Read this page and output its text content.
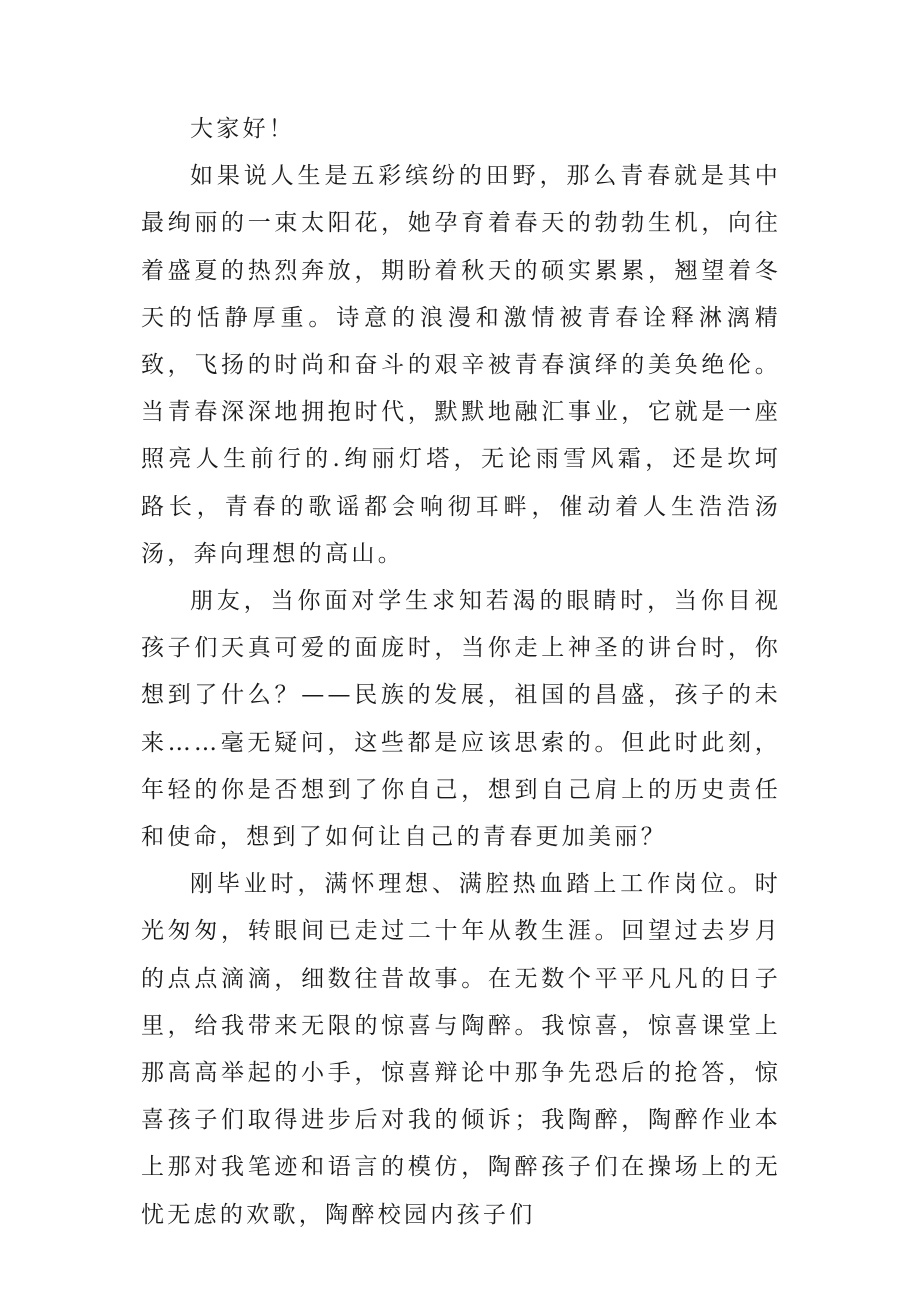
大家好！

如果说人生是五彩缤纷的田野，那么青春就是其中最绚丽的一束太阳花，她孕育着春天的勃勃生机，向往着盛夏的热烈奔放，期盼着秋天的硕实累累，翘望着冬天的恬静厚重。诗意的浪漫和激情被青春诠释淋漓精致，飞扬的时尚和奋斗的艰辛被青春演绎的美奂绝伦。当青春深深地拥抱时代，默默地融汇事业，它就是一座照亮人生前行的.绚丽灯塔，无论雨雪风霜，还是坎坷路长，青春的歌谣都会响彻耳畔，催动着人生浩浩汤汤，奔向理想的高山。

朋友，当你面对学生求知若渴的眼睛时，当你目视孩子们天真可爱的面庞时，当你走上神圣的讲台时，你想到了什么？——民族的发展，祖国的昌盛，孩子的未来……毫无疑问，这些都是应该思索的。但此时此刻，年轻的你是否想到了你自己，想到自己肩上的历史责任和使命，想到了如何让自己的青春更加美丽？

刚毕业时，满怀理想、满腔热血踏上工作岗位。时光匆匆，转眼间已走过二十年从教生涯。回望过去岁月的点点滴滴，细数往昔故事。在无数个平平凡凡的日子里，给我带来无限的惊喜与陶醉。我惊喜，惊喜课堂上那高高举起的小手，惊喜辩论中那争先恐后的抢答，惊喜孩子们取得进步后对我的倾诉；我陶醉，陶醉作业本上那对我笔迹和语言的模仿，陶醉孩子们在操场上的无忧无虑的欢歌，陶醉校园内孩子们
